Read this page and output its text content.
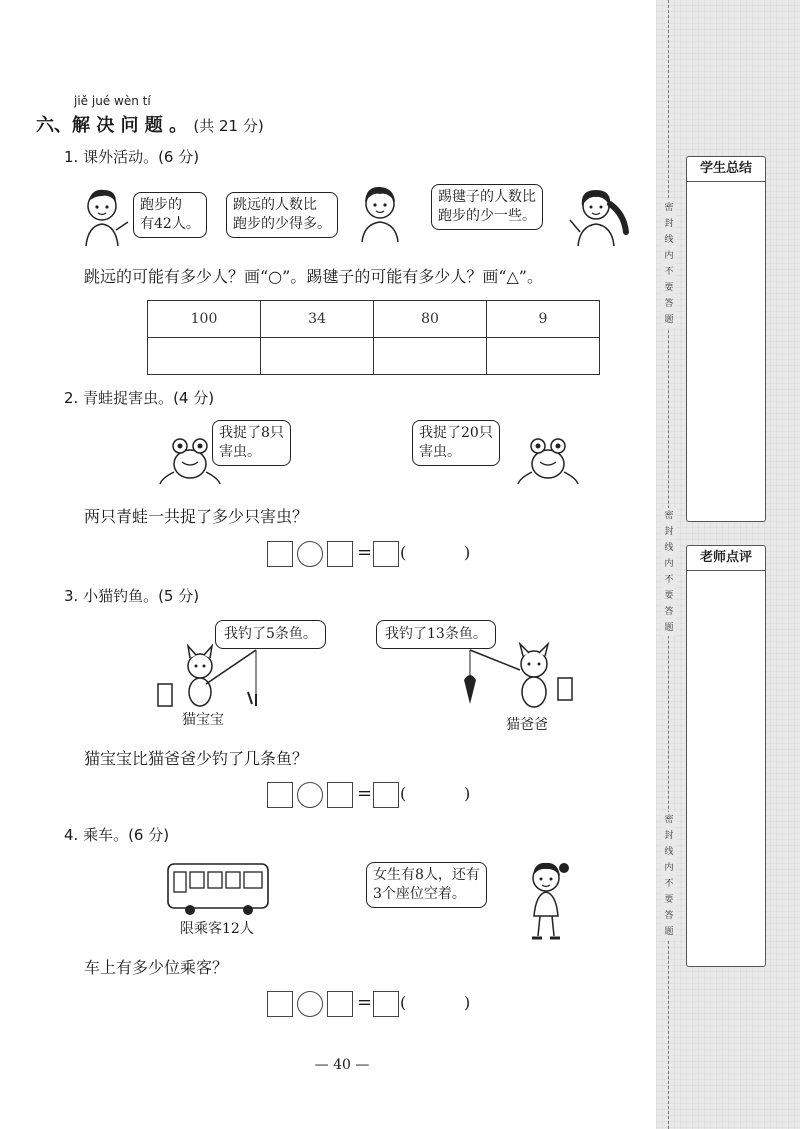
密
封
线
内
不
要
答
题
密
封
线
内
不
要
答
题
密
封
线
内
不
要
答
题
学生总结
老师点评
jiě jué wèn tí
六、解 决 问 题 。 (共 21 分)
1. 课外活动。(6 分)
跑步的
有42人。
跳远的人数比
跑步的少得多。
踢毽子的人数比
跑步的少一些。
跳远的可能有多少人？画“○”。踢毽子的可能有多少人？画“△”。
100	34	80	9

2. 青蛙捉害虫。(4 分)
我捉了8只
害虫。
我捉了20只
害虫。
两只青蛙一共捉了多少只害虫？
= (	)
3. 小猫钓鱼。(5 分)
我钓了5条鱼。
猫宝宝
我钓了13条鱼。
猫爸爸
猫宝宝比猫爸爸少钓了几条鱼？
= (	)
4. 乘车。(6 分)
限乘客12人
女生有8人，还有
3个座位空着。
车上有多少位乘客？
= (	)
— 40 —
